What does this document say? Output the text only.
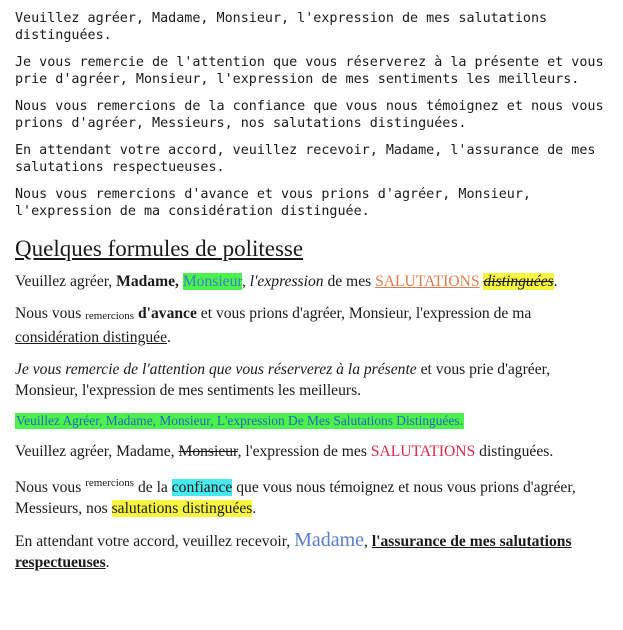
Veuillez agréer, Madame, Monsieur, l'expression de mes salutations distinguées.

Je vous remercie de l'attention que vous réserverez à la présente et vous prie d'agréer, Monsieur, l'expression de mes sentiments les meilleurs.

Nous vous remercions de la confiance que vous nous témoignez et nous vous prions d'agréer, Messieurs, nos salutations distinguées.

En attendant votre accord, veuillez recevoir, Madame, l'assurance de mes salutations respectueuses.

Nous vous remercions d'avance et vous prions d'agréer, Monsieur, l'expression de ma considération distinguée.

Quelques formules de politesse

Veuillez agréer, Madame, Monsieur, l'expression de mes SALUTATIONS distinguées.

Nous vous remercions d'avance et vous prions d'agréer, Monsieur, l'expression de ma considération distinguée.

Je vous remercie de l'attention que vous réserverez à la présente et vous prie d'agréer, Monsieur, l'expression de mes sentiments les meilleurs.

Veuillez Agréer, Madame, Monsieur, L'expression De Mes Salutations Distinguées.

Veuillez agréer, Madame, Monsieur, l'expression de mes SALUTATIONS distinguées.

Nous vous $^{remercions}$ de la confiance que vous nous témoignez et nous vous prions d'agréer, Messieurs, nos salutations distinguées.

En attendant votre accord, veuillez recevoir, Madame, l'assurance de mes salutations respectueuses.
